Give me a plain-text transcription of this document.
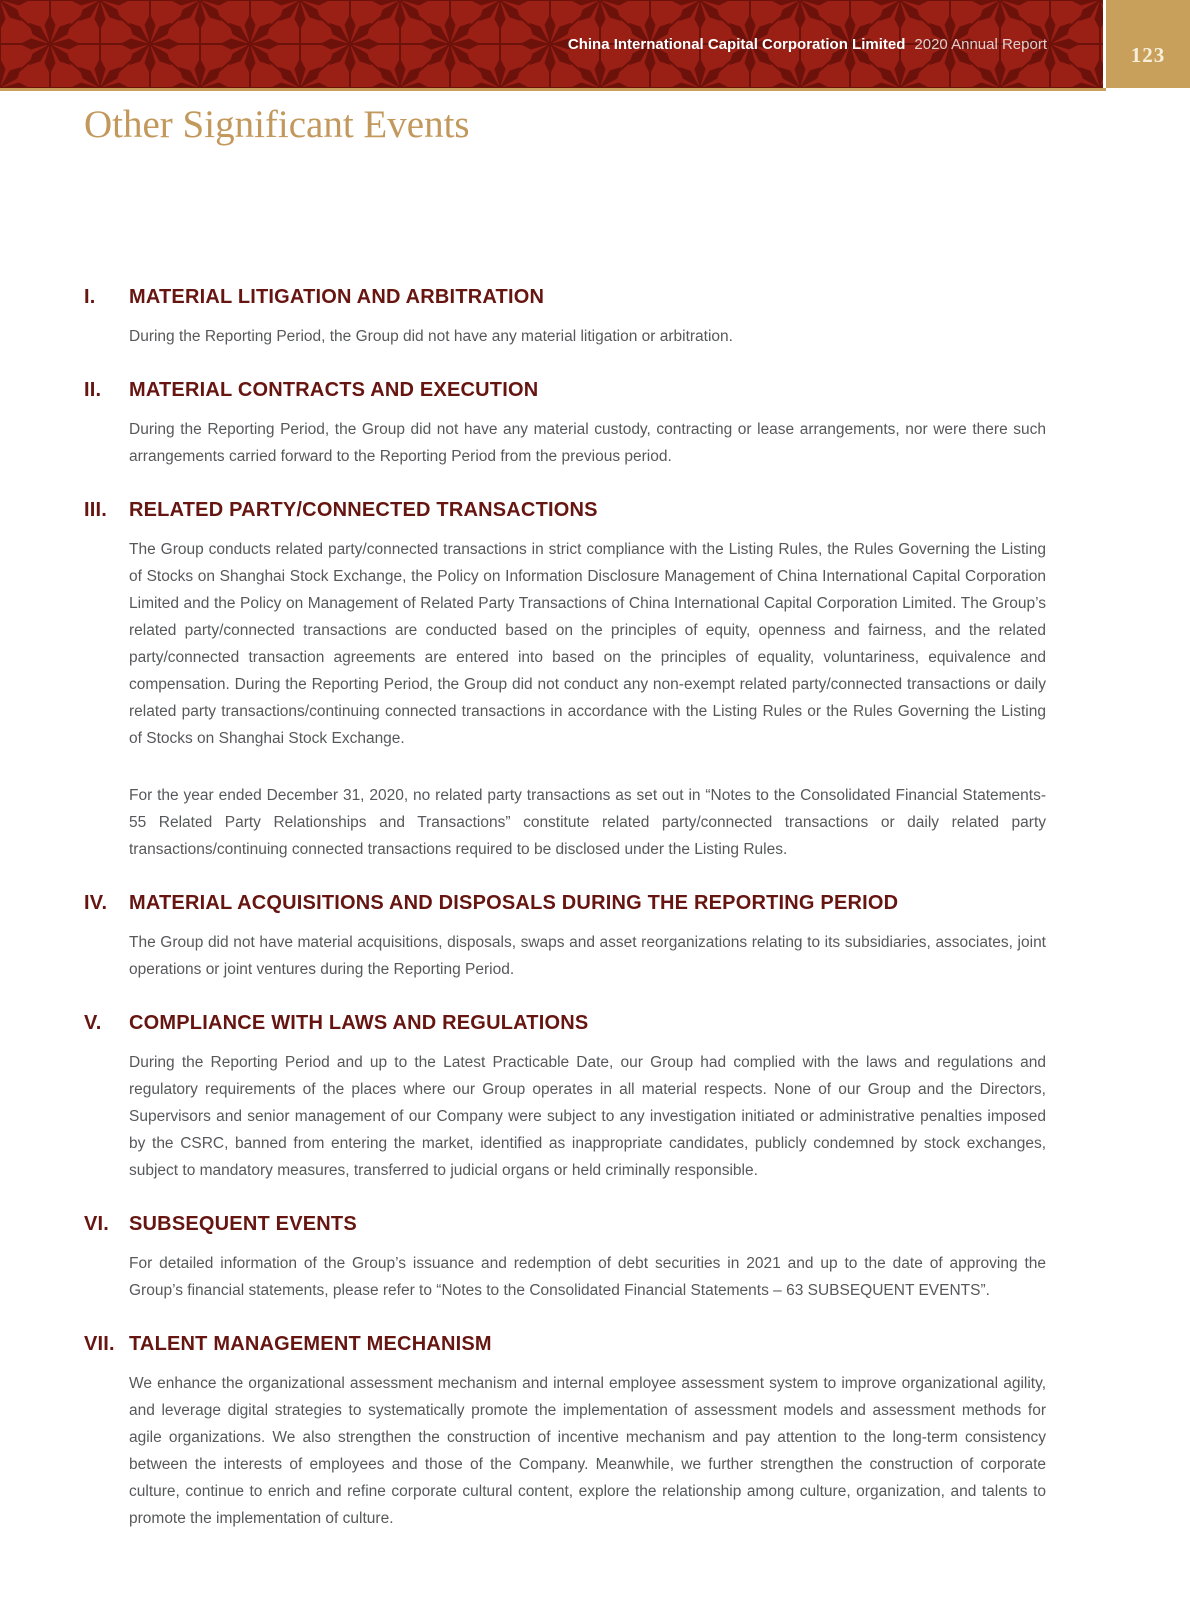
China International Capital Corporation Limited 2020 Annual Report	123
Other Significant Events
I.	MATERIAL LITIGATION AND ARBITRATION

During the Reporting Period, the Group did not have any material litigation or arbitration.

II.	MATERIAL CONTRACTS AND EXECUTION

During the Reporting Period, the Group did not have any material custody, contracting or lease arrangements, nor were there such arrangements carried forward to the Reporting Period from the previous period.

III.	RELATED PARTY/CONNECTED TRANSACTIONS

The Group conducts related party/connected transactions in strict compliance with the Listing Rules, the Rules Governing the Listing of Stocks on Shanghai Stock Exchange, the Policy on Information Disclosure Management of China International Capital Corporation Limited and the Policy on Management of Related Party Transactions of China International Capital Corporation Limited. The Group’s related party/connected transactions are conducted based on the principles of equity, openness and fairness, and the related party/connected transaction agreements are entered into based on the principles of equality, voluntariness, equivalence and compensation. During the Reporting Period, the Group did not conduct any non-exempt related party/connected transactions or daily related party transactions/continuing connected transactions in accordance with the Listing Rules or the Rules Governing the Listing of Stocks on Shanghai Stock Exchange.

For the year ended December 31, 2020, no related party transactions as set out in “Notes to the Consolidated Financial Statements-55 Related Party Relationships and Transactions” constitute related party/connected transactions or daily related party transactions/continuing connected transactions required to be disclosed under the Listing Rules.

IV.	MATERIAL ACQUISITIONS AND DISPOSALS DURING THE REPORTING PERIOD

The Group did not have material acquisitions, disposals, swaps and asset reorganizations relating to its subsidiaries, associates, joint operations or joint ventures during the Reporting Period.

V.	COMPLIANCE WITH LAWS AND REGULATIONS

During the Reporting Period and up to the Latest Practicable Date, our Group had complied with the laws and regulations and regulatory requirements of the places where our Group operates in all material respects. None of our Group and the Directors, Supervisors and senior management of our Company were subject to any investigation initiated or administrative penalties imposed by the CSRC, banned from entering the market, identified as inappropriate candidates, publicly condemned by stock exchanges, subject to mandatory measures, transferred to judicial organs or held criminally responsible.

VI. SUBSEQUENT EVENTS

For detailed information of the Group’s issuance and redemption of debt securities in 2021 and up to the date of approving the Group’s financial statements, please refer to “Notes to the Consolidated Financial Statements – 63 SUBSEQUENT EVENTS”.

VII. TALENT MANAGEMENT MECHANISM

We enhance the organizational assessment mechanism and internal employee assessment system to improve organizational agility, and leverage digital strategies to systematically promote the implementation of assessment models and assessment methods for agile organizations. We also strengthen the construction of incentive mechanism and pay attention to the long-term consistency between the interests of employees and those of the Company. Meanwhile, we further strengthen the construction of corporate culture, continue to enrich and refine corporate cultural content, explore the relationship among culture, organization, and talents to promote the implementation of culture.
